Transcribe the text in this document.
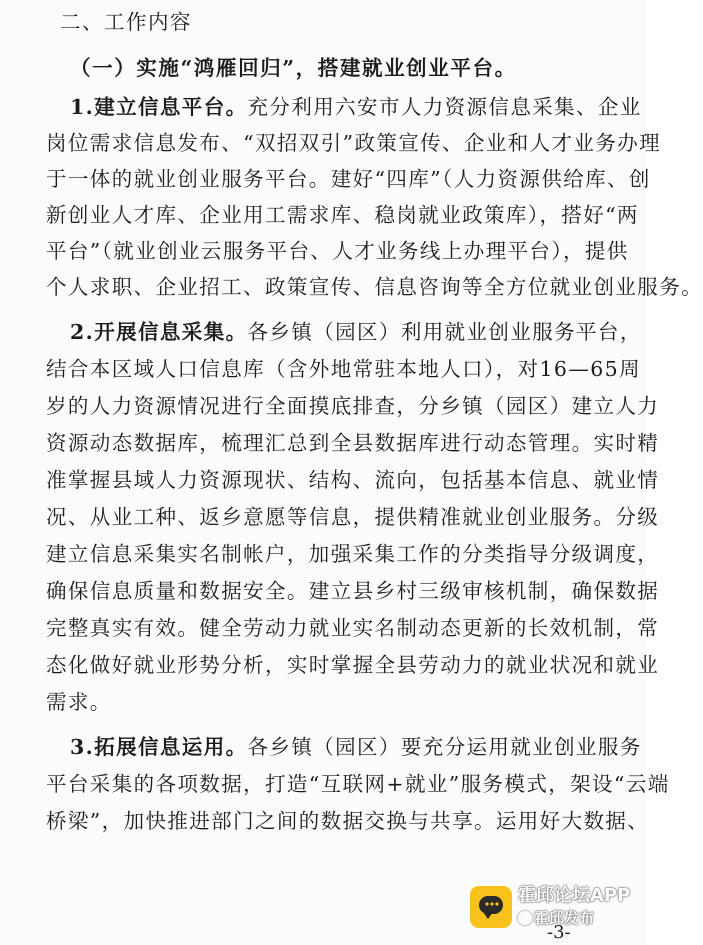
二、工作内容
（一）实施“鸿雁回归”，搭建就业创业平台。
1.建立信息平台。充分利用六安市人力资源信息采集、企业
岗位需求信息发布、“双招双引”政策宣传、企业和人才业务办理
于一体的就业创业服务平台。建好“四库”（人力资源供给库、创
新创业人才库、企业用工需求库、稳岗就业政策库），搭好“两
平台”（就业创业云服务平台、人才业务线上办理平台），提供
个人求职、企业招工、政策宣传、信息咨询等全方位就业创业服务。
2.开展信息采集。各乡镇（园区）利用就业创业服务平台，
结合本区域人口信息库（含外地常驻本地人口），对16—65周
岁的人力资源情况进行全面摸底排查，分乡镇（园区）建立人力
资源动态数据库，梳理汇总到全县数据库进行动态管理。实时精
准掌握县域人力资源现状、结构、流向，包括基本信息、就业情
况、从业工种、返乡意愿等信息，提供精准就业创业服务。分级
建立信息采集实名制帐户，加强采集工作的分类指导分级调度，
确保信息质量和数据安全。建立县乡村三级审核机制，确保数据
完整真实有效。健全劳动力就业实名制动态更新的长效机制，常
态化做好就业形势分析，实时掌握全县劳动力的就业状况和就业
需求。
3.拓展信息运用。各乡镇（园区）要充分运用就业创业服务
平台采集的各项数据，打造“互联网+就业”服务模式，架设“云端
桥梁”，加快推进部门之间的数据交换与共享。运用好大数据、
霍邱论坛APP
霍邱发布
-3-
